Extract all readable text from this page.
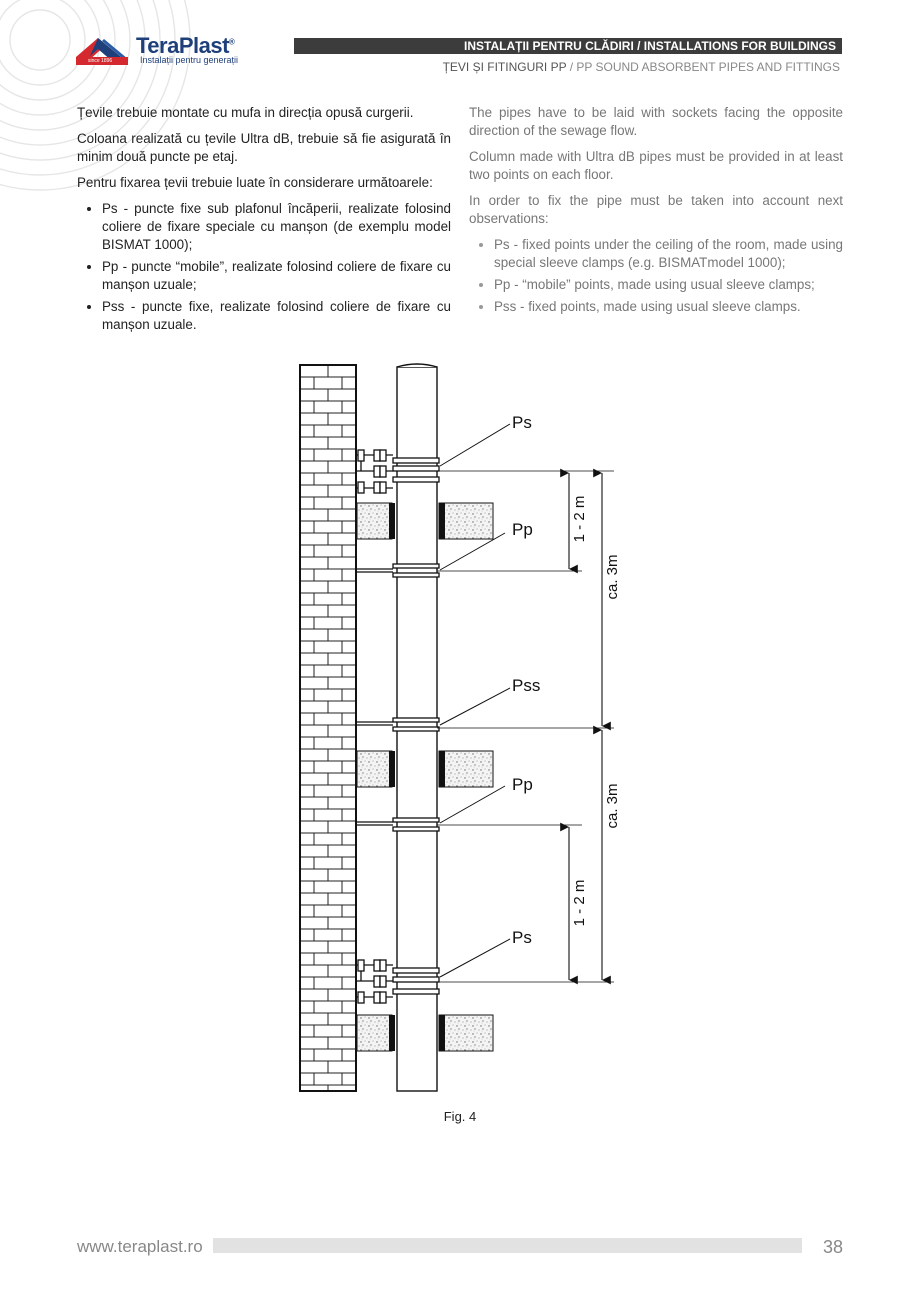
since 1896
TeraPlast®
Instalații pentru generații
INSTALAȚII PENTRU CLĂDIRI / INSTALLATIONS FOR BUILDINGS
ȚEVI ȘI FITINGURI PP / PP SOUND ABSORBENT PIPES AND FITTINGS

Țevile trebuie montate cu mufa in direcția opusă curgerii.

Coloana realizată cu țevile Ultra dB, trebuie să fie asigurată în minim două puncte pe etaj.

Pentru fixarea țevii trebuie luate în considerare următoarele:

• Ps - puncte fixe sub plafonul încăperii, realizate folosind coliere de fixare speciale cu manșon (de exemplu model BISMAT 1000);
• Pp - puncte “mobile”, realizate folosind coliere de fixare cu manșon uzuale;
• Pss - puncte fixe, realizate folosind coliere de fixare cu manșon uzuale.

The pipes have to be laid with sockets facing the opposite direction of the sewage flow.

Column made with Ultra dB pipes must be provided in at least two points on each floor.

In order to fix the pipe must be taken into account next observations:

• Ps - fixed points under the ceiling of the room, made using special sleeve clamps (e.g. BISMATmodel 1000);
• Pp - “mobile” points, made using usual sleeve clamps;
• Pss - fixed points, made using usual sleeve clamps.
Ps
Pp
Pss
Pp
Ps
1 - 2 m
ca. 3m
ca. 3m
1 - 2 m
Fig. 4
www.teraplast.ro	38
